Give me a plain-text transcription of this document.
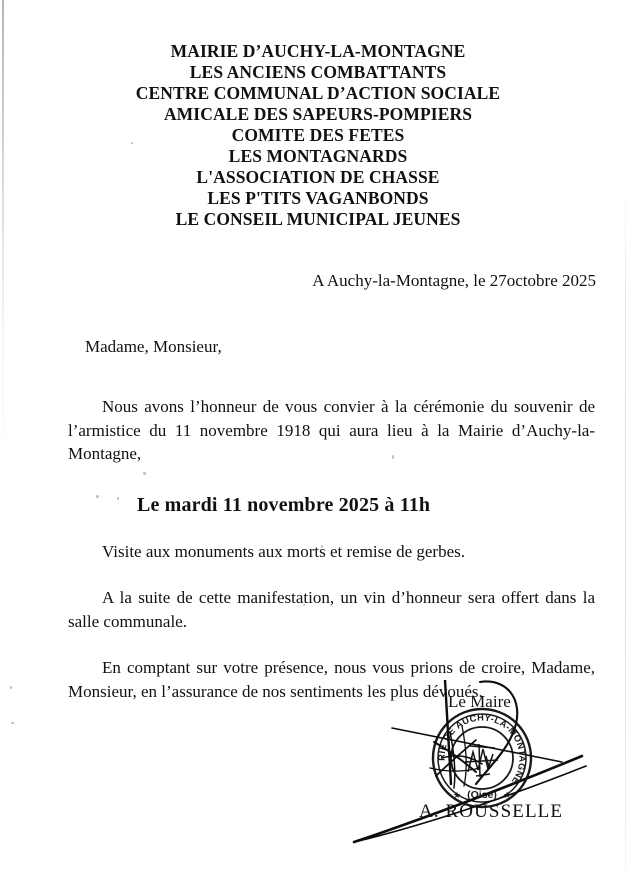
MAIRIE D’AUCHY-LA-MONTAGNE
LES ANCIENS COMBATTANTS
CENTRE COMMUNAL D’ACTION SOCIALE
AMICALE DES SAPEURS-POMPIERS
COMITE DES FETES
LES MONTAGNARDS
L'ASSOCIATION DE CHASSE
LES P'TITS VAGANBONDS
LE CONSEIL MUNICIPAL JEUNES
A Auchy-la-Montagne, le 27octobre 2025
Madame, Monsieur,

Nous avons l’honneur de vous convier à la cérémonie du souvenir de l’armistice du 11 novembre 1918 qui aura lieu à la Mairie d’Auchy-la-Montagne,

Le mardi 11 novembre 2025 à 11h

Visite aux monuments aux morts et remise de gerbes.

A la suite de cette manifestation, un vin d’honneur sera offert dans la salle communale.

En comptant sur votre présence, nous vous prions de croire, Madame, Monsieur, en l’assurance de nos sentiments les plus dévoués.

Le Maire
MAIRIE DE AUCHY-LA-MONTAGNE
(Oise)
★	★
A. ROUSSELLE
